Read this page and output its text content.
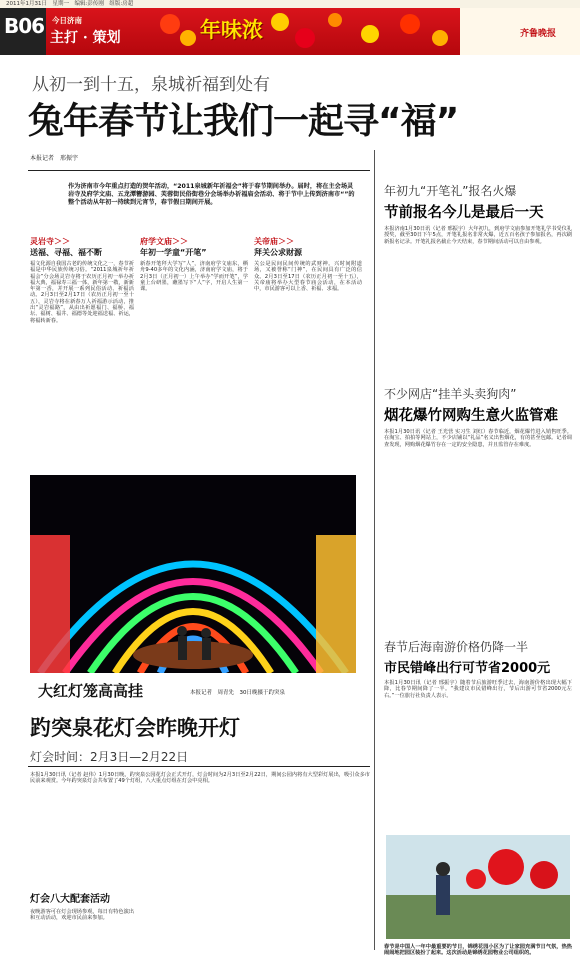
2011年1月31日　星期一　编辑:彭传刚　组版:房超
B06 今日济南
主打 · 策划	年味浓	齐鲁晚报
从初一到十五，泉城祈福到处有
兔年春节让我们一起寻“福”
本报记者　邢振宇
作为济南市今年重点打造的贺年活动，“2011泉城新年祈福会”将于春节期间举办。届时，将在主会场灵岩寺及府学文庙、五龙潭簪游园、芙蓉街民俗街巷分会场举办祈福庙会活动、将于节中上传到济南市“”的整个活动从年初一持续到元宵节，春节假日期间开展。
灵岩寺＞＞
送福、寻福、福不断
福文化源自我国古老的传统文化之一，春节祈福是中华民族传统习俗。“2011泉城祈年祈福会”分会场灵岩寺将于农历正月初一举办祈福大典，福禄寿三福一体，新年第一敬，新新年第一香，并开展一系列民俗活动、祈福活动。2月3日至2月17日（农历正月初一至十五），灵岩寺将在新春万人祈福游示活动，推出“灵岩福路”，从由出祈愿福门、福桥、福坛、福树、福井、福德等处迎福送福、祈运，将福转新春。
府学文庙＞＞
年初一学童“开笔”
新春开笔拜大学写“人”，济南府学文庙东，栖舟9-40多年的文化内涵，济南府学文庙，将于2月3日（正月初一）上午举办“学而开笔”，学童上台研墨，蘸墨写下“人”字，开启人生第一课。
关帝庙＞＞
拜关公求财源
关公是民间民间传统的武财神。兴时间附道场，又被誉称“门神”，在民间具有广泛的信众。2月3日至17日（农历正月初一至十五），关帝庙将举办大型春节庙会活动，在本活动中，市民游客可以上香、祈福、求福。
年初九“开笔礼”报名火爆
节前报名今儿是最后一天
本报济南1月30日讯（记者 邢振宇）大年初九，到府学文庙参加开笔礼学书受仪礼授奖，截至30日下午5点，开笔礼报名非常火爆，近五百名孩子参加报名，再次刷新报名记录。开笔礼报名截止今天结束，春节期间活动可以自由参观。
不少网店“挂羊头卖狗肉”
烟花爆竹网购生意火监管难
本报1月30日讯（记者 王光营 实习生 刘红）春节临近，烟花爆竹进入销售旺季。在淘宝、拍拍等网站上，不少店铺以“礼品”名义出售烟花，有的甚至包邮。记者调查发现，网购烟花爆竹存在一定的安全隐患，并且监管存在难度。
春节后海南游价格仍降一半
市民错峰出行可节省2000元
本报1月30日讯（记者 邢振宇）随着节后旅游旺季过去，海南游价格出现大幅下降，比春节期间降了一半。“我建议市民错峰出行，节后出游可节省2000元左右。”一位旅行社负责人表示。
大红灯笼高高挂	本报记者　周青先　30日晚摄于趵突泉
趵突泉花灯会昨晚开灯
灯会时间：2月3日—2月22日
本报1月30日讯（记者 赵伟）1月30日晚，趵突泉公园花灯会正式开灯，灯会时间为2月3日至2月22日，期间公园内将有大型彩灯展出，吸引众多市民前来观赏。今年趵突泉灯会共布置了49个灯组，八大重点灯组在灯会中亮相。
灯会八大配套活动
夜晚游客可在灯会现场参观，每日有特色演出和互动活动，欢迎市民前来参加。
春节是中国人一年中最重要的节日，锦绣花园小区为了让家园充满节日气氛，热热闹闹地把园区装扮了起来。这次活动是锦绣花园物业公司组织的。
